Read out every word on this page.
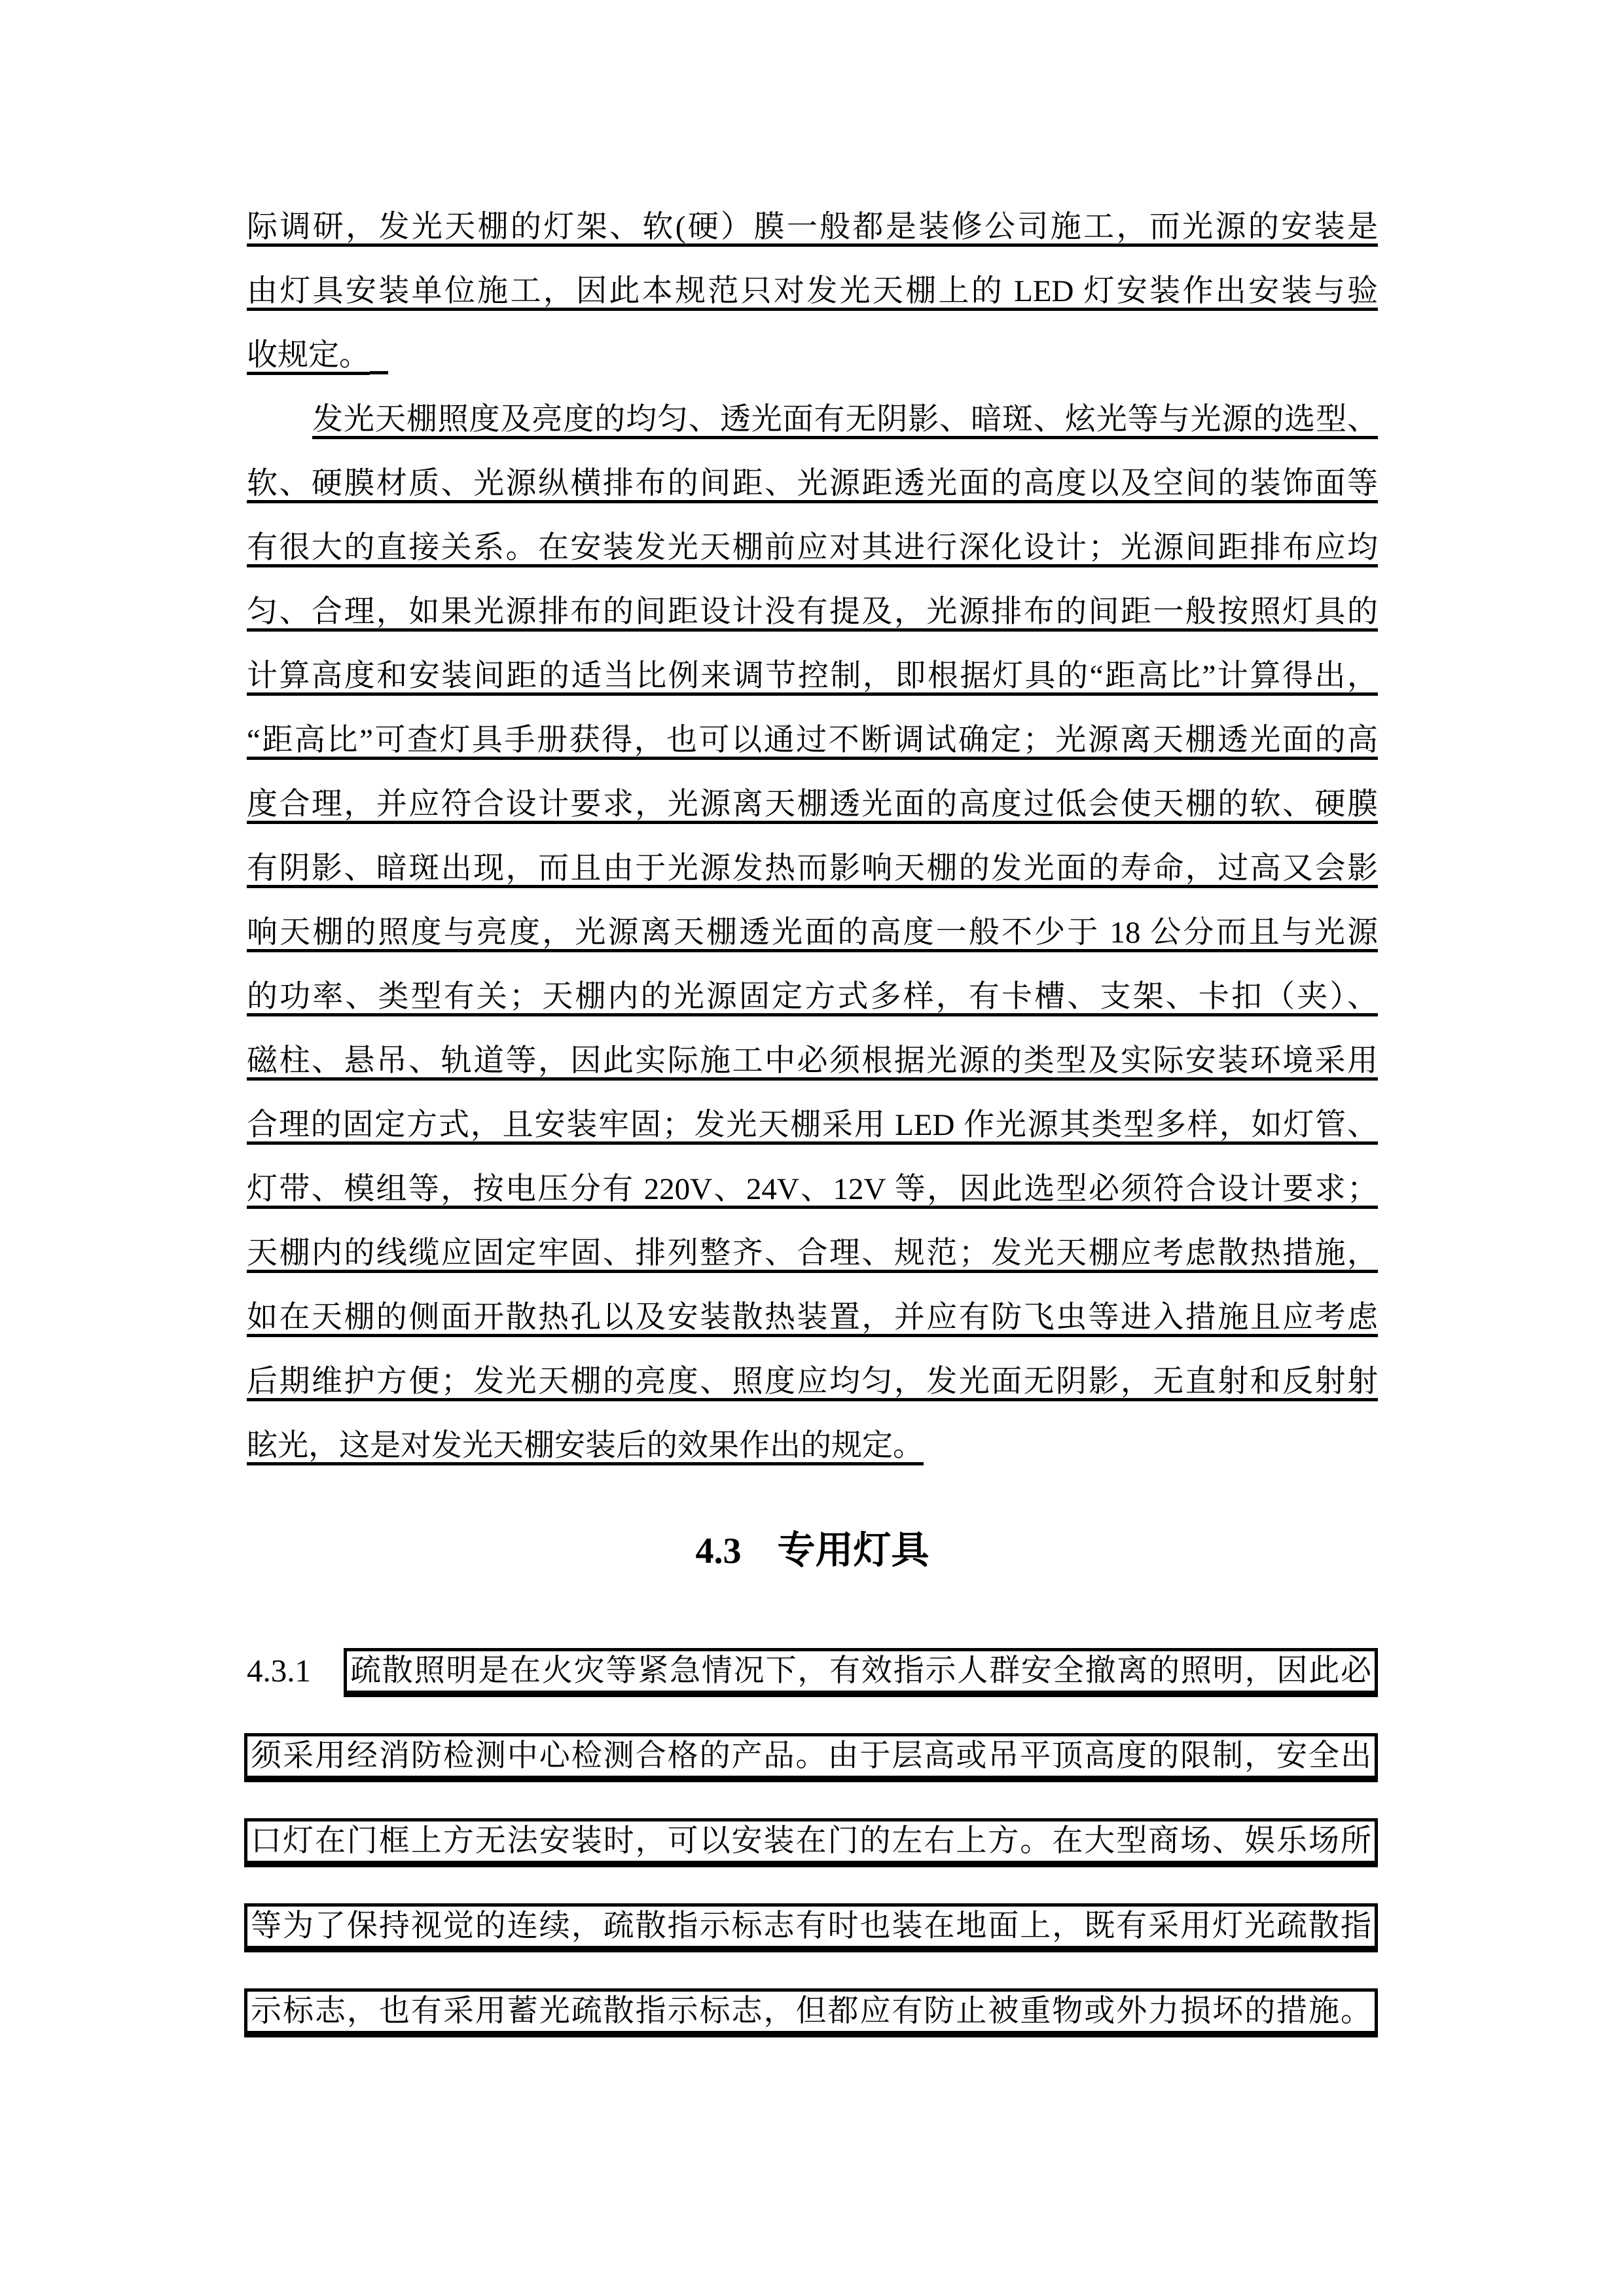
际调研，发光天棚的灯架、软(硬）膜一般都是装修公司施工，而光源的安装是
由灯具安装单位施工，因此本规范只对发光天棚上的 LED 灯安装作出安装与验
收规定。
发光天棚照度及亮度的均匀、透光面有无阴影、暗斑、炫光等与光源的选型、
软、硬膜材质、光源纵横排布的间距、光源距透光面的高度以及空间的装饰面等
有很大的直接关系。在安装发光天棚前应对其进行深化设计；光源间距排布应均
匀、合理，如果光源排布的间距设计没有提及，光源排布的间距一般按照灯具的
计算高度和安装间距的适当比例来调节控制，即根据灯具的“距高比”计算得出，
“距高比”可查灯具手册获得，也可以通过不断调试确定；光源离天棚透光面的高
度合理，并应符合设计要求，光源离天棚透光面的高度过低会使天棚的软、硬膜
有阴影、暗斑出现，而且由于光源发热而影响天棚的发光面的寿命，过高又会影
响天棚的照度与亮度，光源离天棚透光面的高度一般不少于 18 公分而且与光源
的功率、类型有关；天棚内的光源固定方式多样，有卡槽、支架、卡扣（夹）、
磁柱、悬吊、轨道等，因此实际施工中必须根据光源的类型及实际安装环境采用
合理的固定方式，且安装牢固；发光天棚采用 LED 作光源其类型多样，如灯管、
灯带、模组等，按电压分有 220V、24V、12V 等，因此选型必须符合设计要求；
天棚内的线缆应固定牢固、排列整齐、合理、规范；发光天棚应考虑散热措施，
如在天棚的侧面开散热孔以及安装散热装置，并应有防飞虫等进入措施且应考虑
后期维护方便；发光天棚的亮度、照度应均匀，发光面无阴影，无直射和反射射
眩光，这是对发光天棚安装后的效果作出的规定。
4.3 专用灯具
4.3.1 疏散照明是在火灾等紧急情况下，有效指示人群安全撤离的照明，因此必
须采用经消防检测中心检测合格的产品。由于层高或吊平顶高度的限制，安全出
口灯在门框上方无法安装时，可以安装在门的左右上方。在大型商场、娱乐场所
等为了保持视觉的连续，疏散指示标志有时也装在地面上，既有采用灯光疏散指
示标志，也有采用蓄光疏散指示标志，但都应有防止被重物或外力损坏的措施。
